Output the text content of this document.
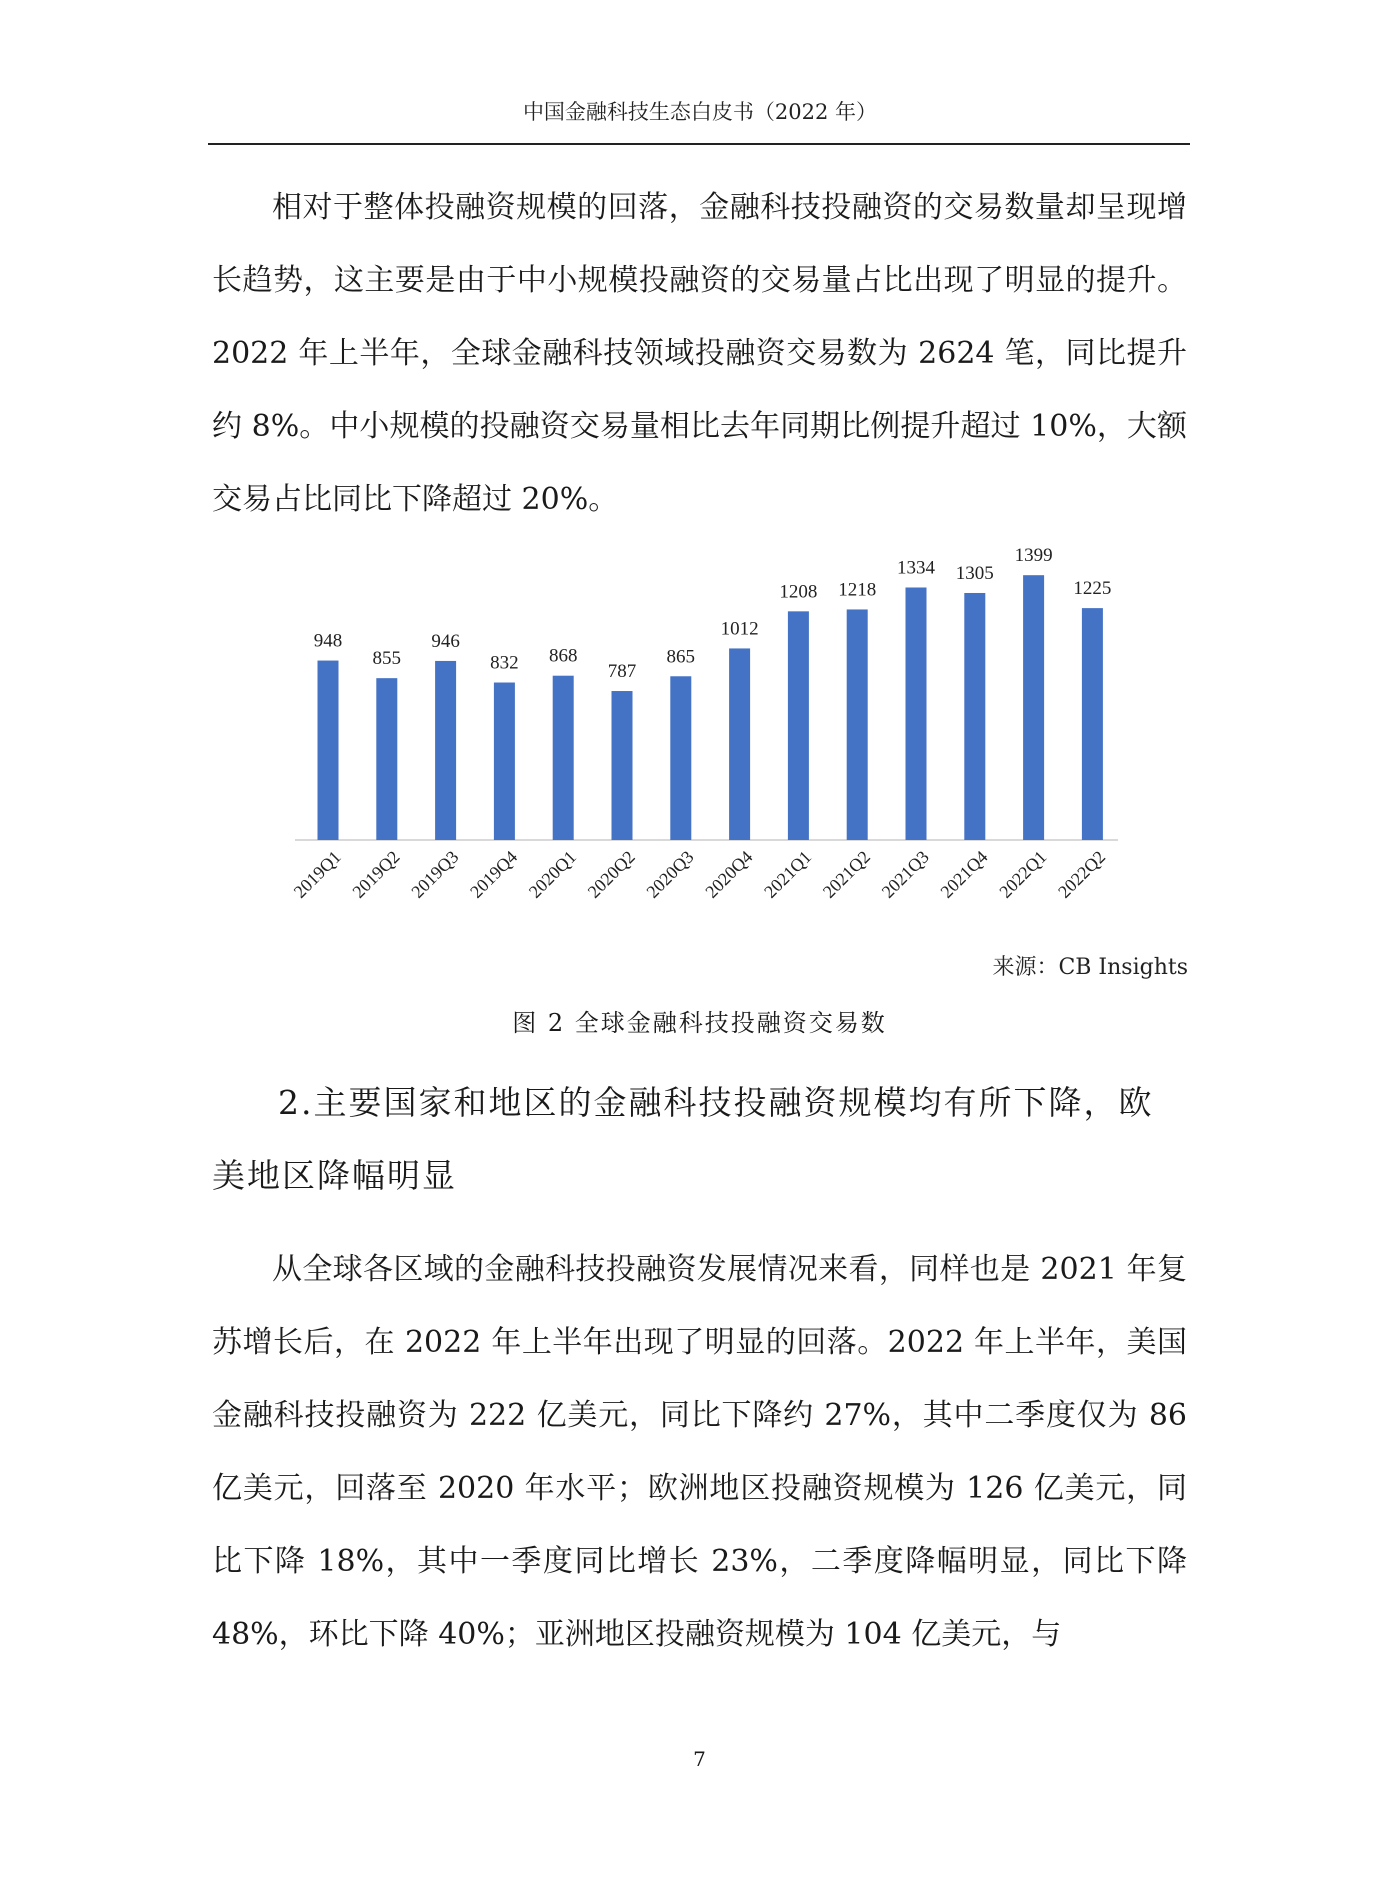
中国金融科技生态白皮书（2022 年）

相对于整体投融资规模的回落，金融科技投融资的交易数量却呈现增长趋势，这主要是由于中小规模投融资的交易量占比出现了明显的提升。2022 年上半年，全球金融科技领域投融资交易数为 2624 笔，同比提升约 8%。中小规模的投融资交易量相比去年同期比例提升超过 10%，大额交易占比同比下降超过 20%。

948
2019Q1
855
2019Q2
946
2019Q3
832
2019Q4
868
2020Q1
787
2020Q2
865
2020Q3
1012
2020Q4
1208
2021Q1
1218
2021Q2
1334
2021Q3
1305
2021Q4
1399
2022Q1
1225
2022Q2
来源：CB Insights
图 2 全球金融科技投融资交易数

2.主要国家和地区的金融科技投融资规模均有所下降，欧美地区降幅明显

从全球各区域的金融科技投融资发展情况来看，同样也是 2021 年复苏增长后，在 2022 年上半年出现了明显的回落。2022 年上半年，美国金融科技投融资为 222 亿美元，同比下降约 27%，其中二季度仅为 86 亿美元，回落至 2020 年水平；欧洲地区投融资规模为 126 亿美元，同比下降 18%，其中一季度同比增长 23%，二季度降幅明显，同比下降 48%，环比下降 40%；亚洲地区投融资规模为 104 亿美元，与

7
